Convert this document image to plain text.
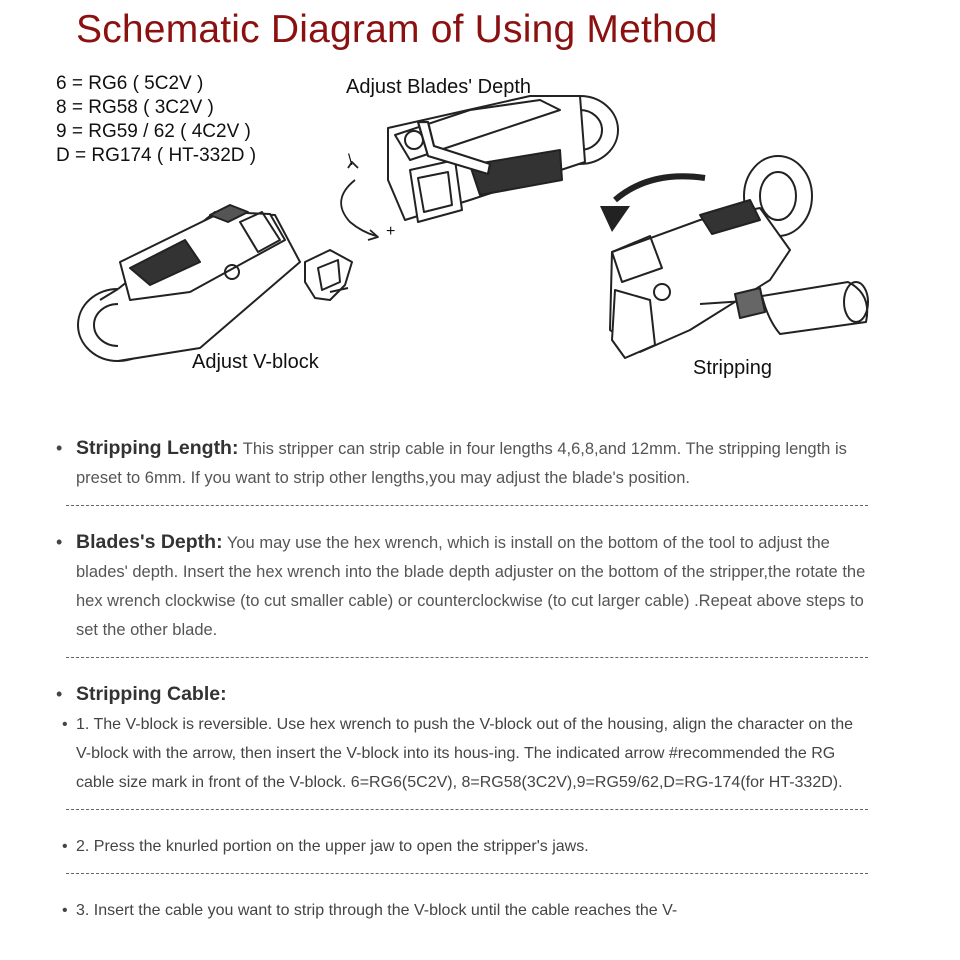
Schematic Diagram of Using Method
6 = RG6 ( 5C2V )
8 = RG58 ( 3C2V )
9 = RG59 / 62 ( 4C2V )
D = RG174 ( HT-332D )	\
+
Adjust Blades' Depth
Adjust V-block	Stripping
• Stripping Length: This stripper can strip cable in four lengths 4,6,8,and 12mm. The stripping length is preset to 6mm. If you want to strip other lengths,you may adjust the blade's position.
• Blades's Depth: You may use the hex wrench, which is install on the bottom of the tool to adjust the blades' depth. Insert the hex wrench into the blade depth adjuster on the bottom of the stripper,the rotate the hex wrench clockwise (to cut smaller cable) or counterclockwise (to cut larger cable) .Repeat above steps to set the other blade.
• Stripping Cable:
• 1. The V-block is reversible. Use hex wrench to push the V-block out of the housing, align the character on the V-block with the arrow, then insert the V-block into its hous-ing. The indicated arrow #recommended the RG cable size mark in front of the V-block. 6=RG6(5C2V), 8=RG58(3C2V),9=RG59/62,D=RG-174(for HT-332D).
• 2. Press the knurled portion on the upper jaw to open the stripper's jaws.
• 3. Insert the cable you want to strip through the V-block until the cable reaches the V-
